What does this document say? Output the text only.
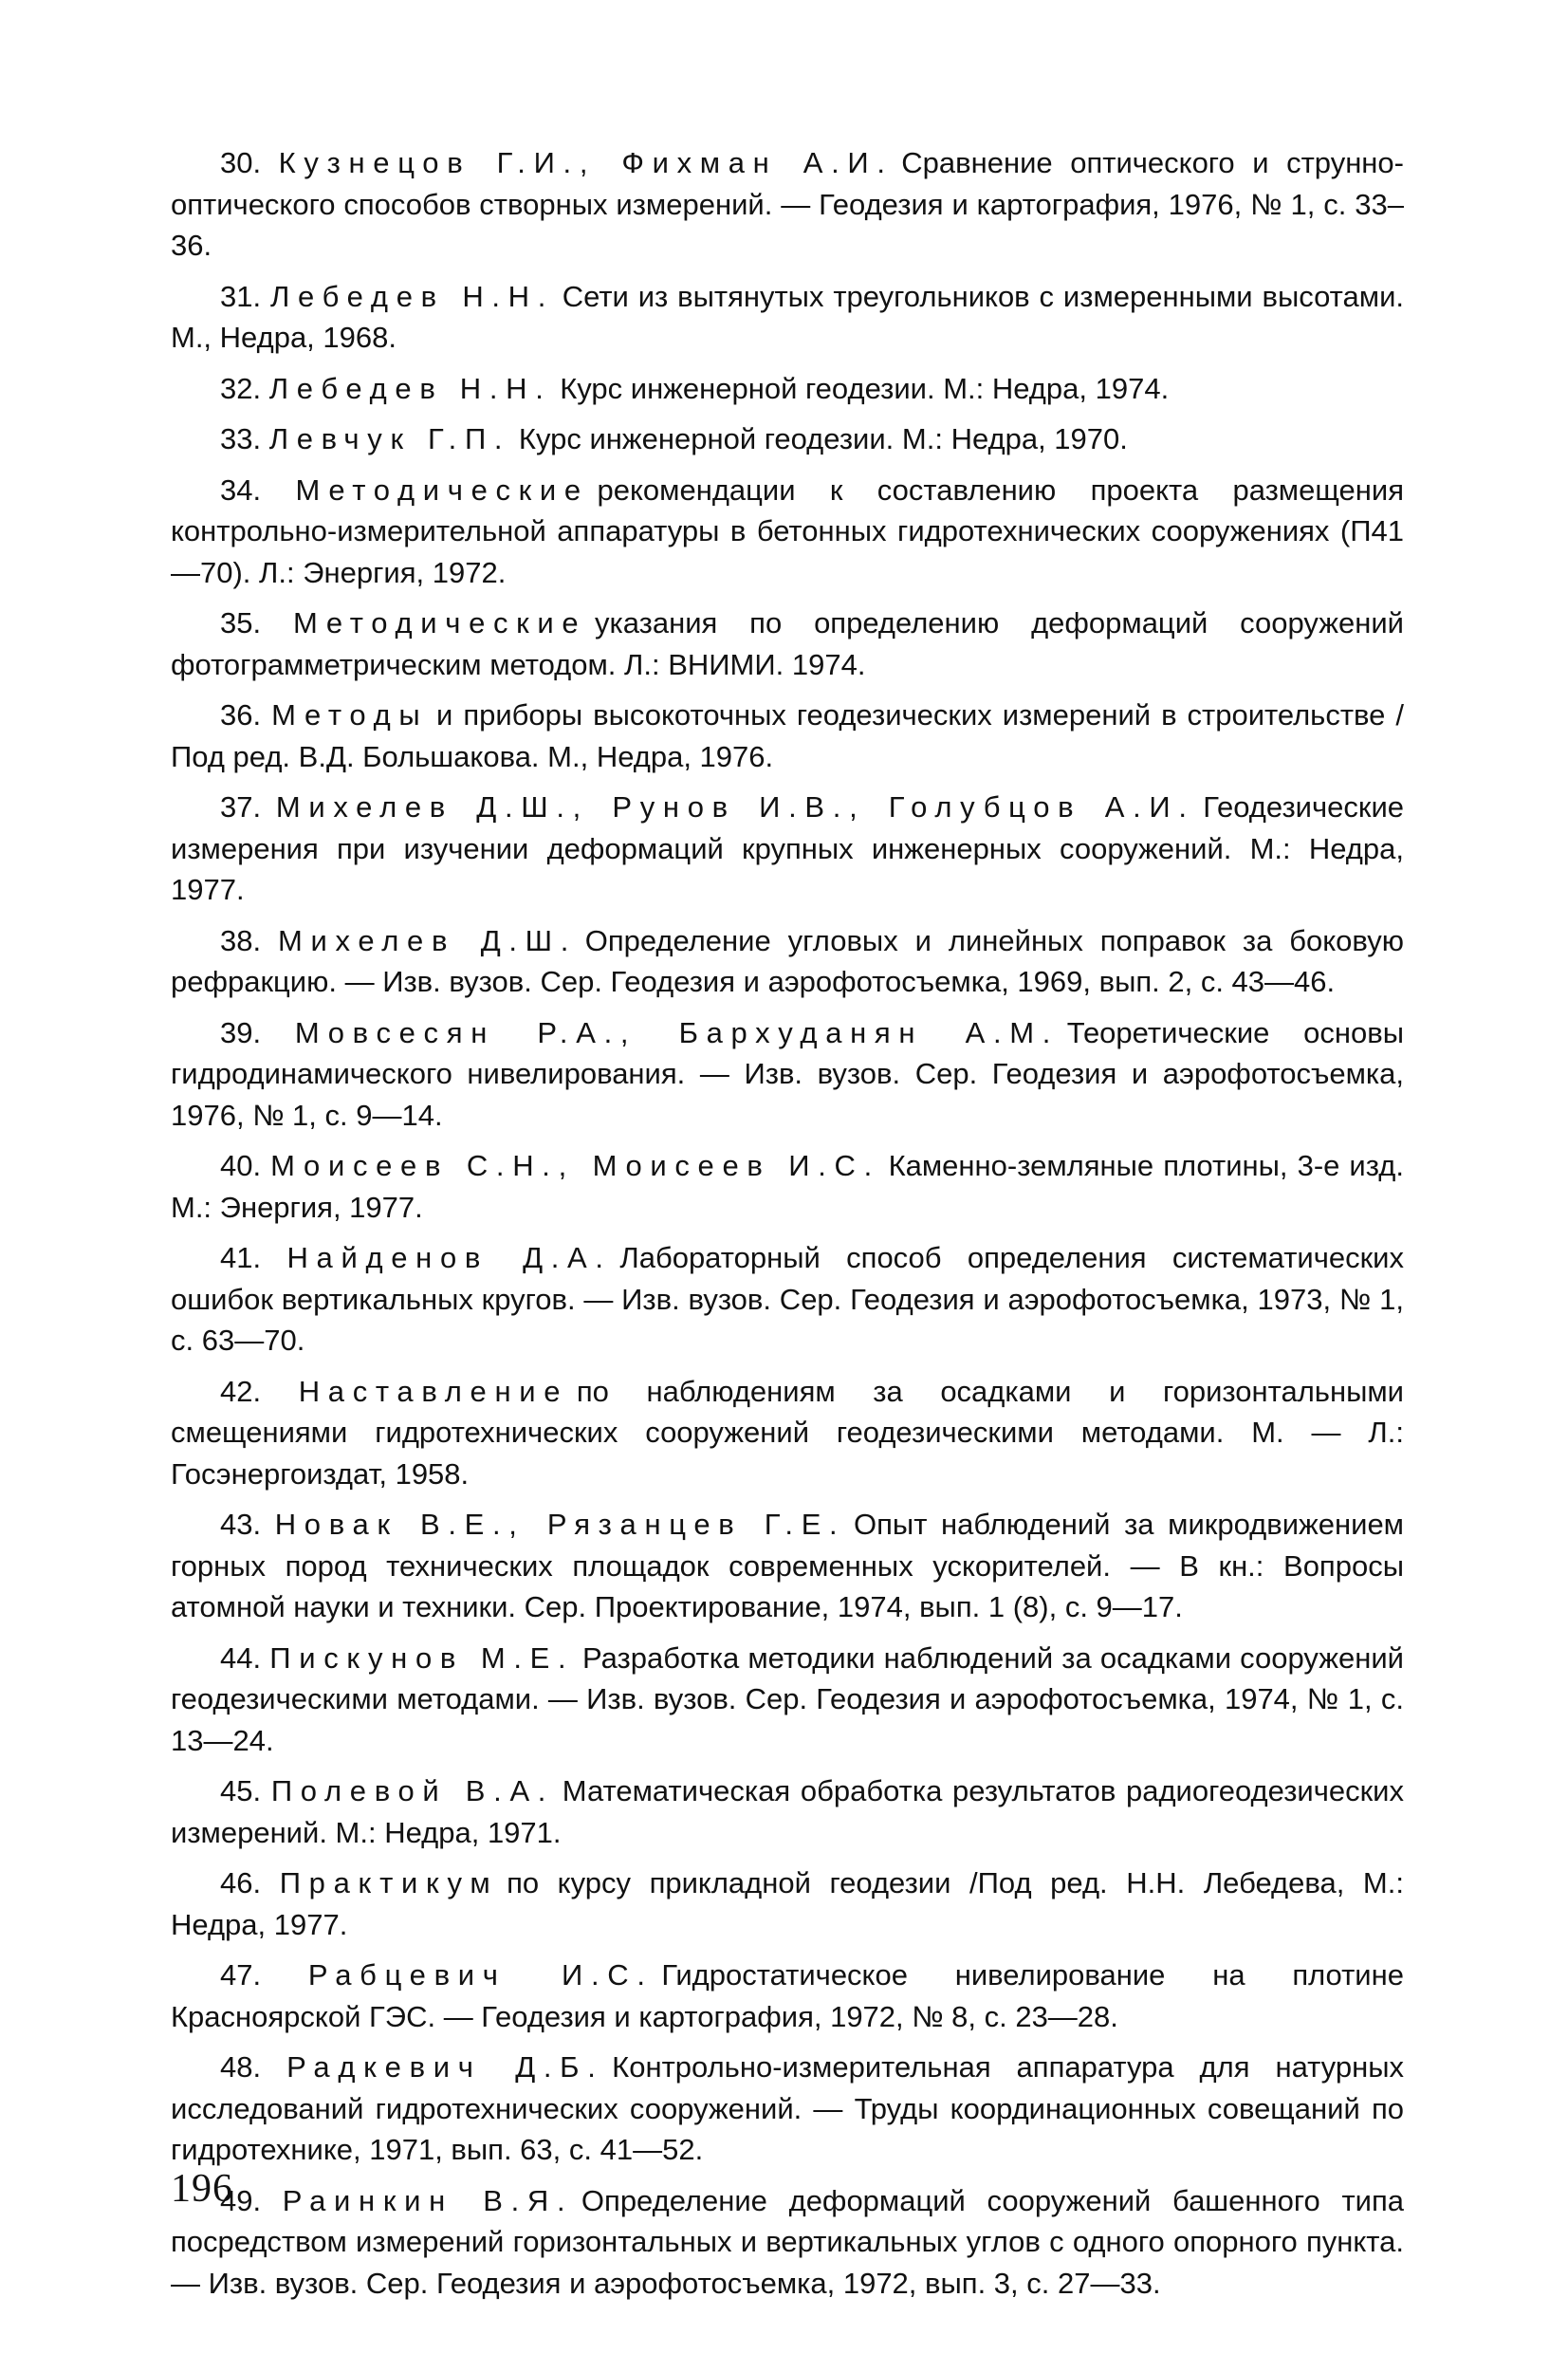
30. Кузнецов Г.И., Фихман А.И. Сравнение оптического и струнно-оптического способов створных измерений. — Геодезия и картография, 1976, № 1, с. 33–36.

31. Лебедев Н.Н. Сети из вытянутых треугольников с измеренными высотами. М., Недра, 1968.

32. Лебедев Н.Н. Курс инженерной геодезии. М.: Недра, 1974.

33. Левчук Г.П. Курс инженерной геодезии. М.: Недра, 1970.

34. Методические рекомендации к составлению проекта размещения контрольно-измерительной аппаратуры в бетонных гидротехнических сооружениях (П41—70). Л.: Энергия, 1972.

35. Методические указания по определению деформаций сооружений фотограмметрическим методом. Л.: ВНИМИ. 1974.

36. Методы и приборы высокоточных геодезических измерений в строительстве /Под ред. В.Д. Большакова. М., Недра, 1976.

37. Михелев Д.Ш., Рунов И.В., Голубцов А.И. Геодезические измерения при изучении деформаций крупных инженерных сооружений. М.: Недра, 1977.

38. Михелев Д.Ш. Определение угловых и линейных поправок за боковую рефракцию. — Изв. вузов. Сер. Геодезия и аэрофотосъемка, 1969, вып. 2, с. 43—46.

39. Мовсесян Р.А., Бархуданян А.М. Теоретические основы гидродинамического нивелирования. — Изв. вузов. Сер. Геодезия и аэрофотосъемка, 1976, № 1, с. 9—14.

40. Моисеев С.Н., Моисеев И.С. Каменно-земляные плотины, 3-е изд. М.: Энергия, 1977.

41. Найденов Д.А. Лабораторный способ определения систематических ошибок вертикальных кругов. — Изв. вузов. Сер. Геодезия и аэрофотосъемка, 1973, № 1, с. 63—70.

42. Наставление по наблюдениям за осадками и горизонтальными смещениями гидротехнических сооружений геодезическими методами. М. — Л.: Госэнергоиздат, 1958.

43. Новак В.Е., Рязанцев Г.Е. Опыт наблюдений за микродвижением горных пород технических площадок современных ускорителей. — В кн.: Вопросы атомной науки и техники. Сер. Проектирование, 1974, вып. 1 (8), с. 9—17.

44. Пискунов М.Е. Разработка методики наблюдений за осадками сооружений геодезическими методами. — Изв. вузов. Сер. Геодезия и аэрофотосъемка, 1974, № 1, с. 13—24.

45. Полевой В.А. Математическая обработка результатов радиогеодезических измерений. М.: Недра, 1971.

46. Практикум по курсу прикладной геодезии /Под ред. Н.Н. Лебедева, М.: Недра, 1977.

47. Рабцевич И.С. Гидростатическое нивелирование на плотине Красноярской ГЭС. — Геодезия и картография, 1972, № 8, с. 23—28.

48. Радкевич Д.Б. Контрольно-измерительная аппаратура для натурных исследований гидротехнических сооружений. — Труды координационных совещаний по гидротехнике, 1971, вып. 63, с. 41—52.

49. Раинкин В.Я. Определение деформаций сооружений башенного типа посредством измерений горизонтальных и вертикальных углов с одного опорного пункта. — Изв. вузов. Сер. Геодезия и аэрофотосъемка, 1972, вып. 3, с. 27—33.

196
